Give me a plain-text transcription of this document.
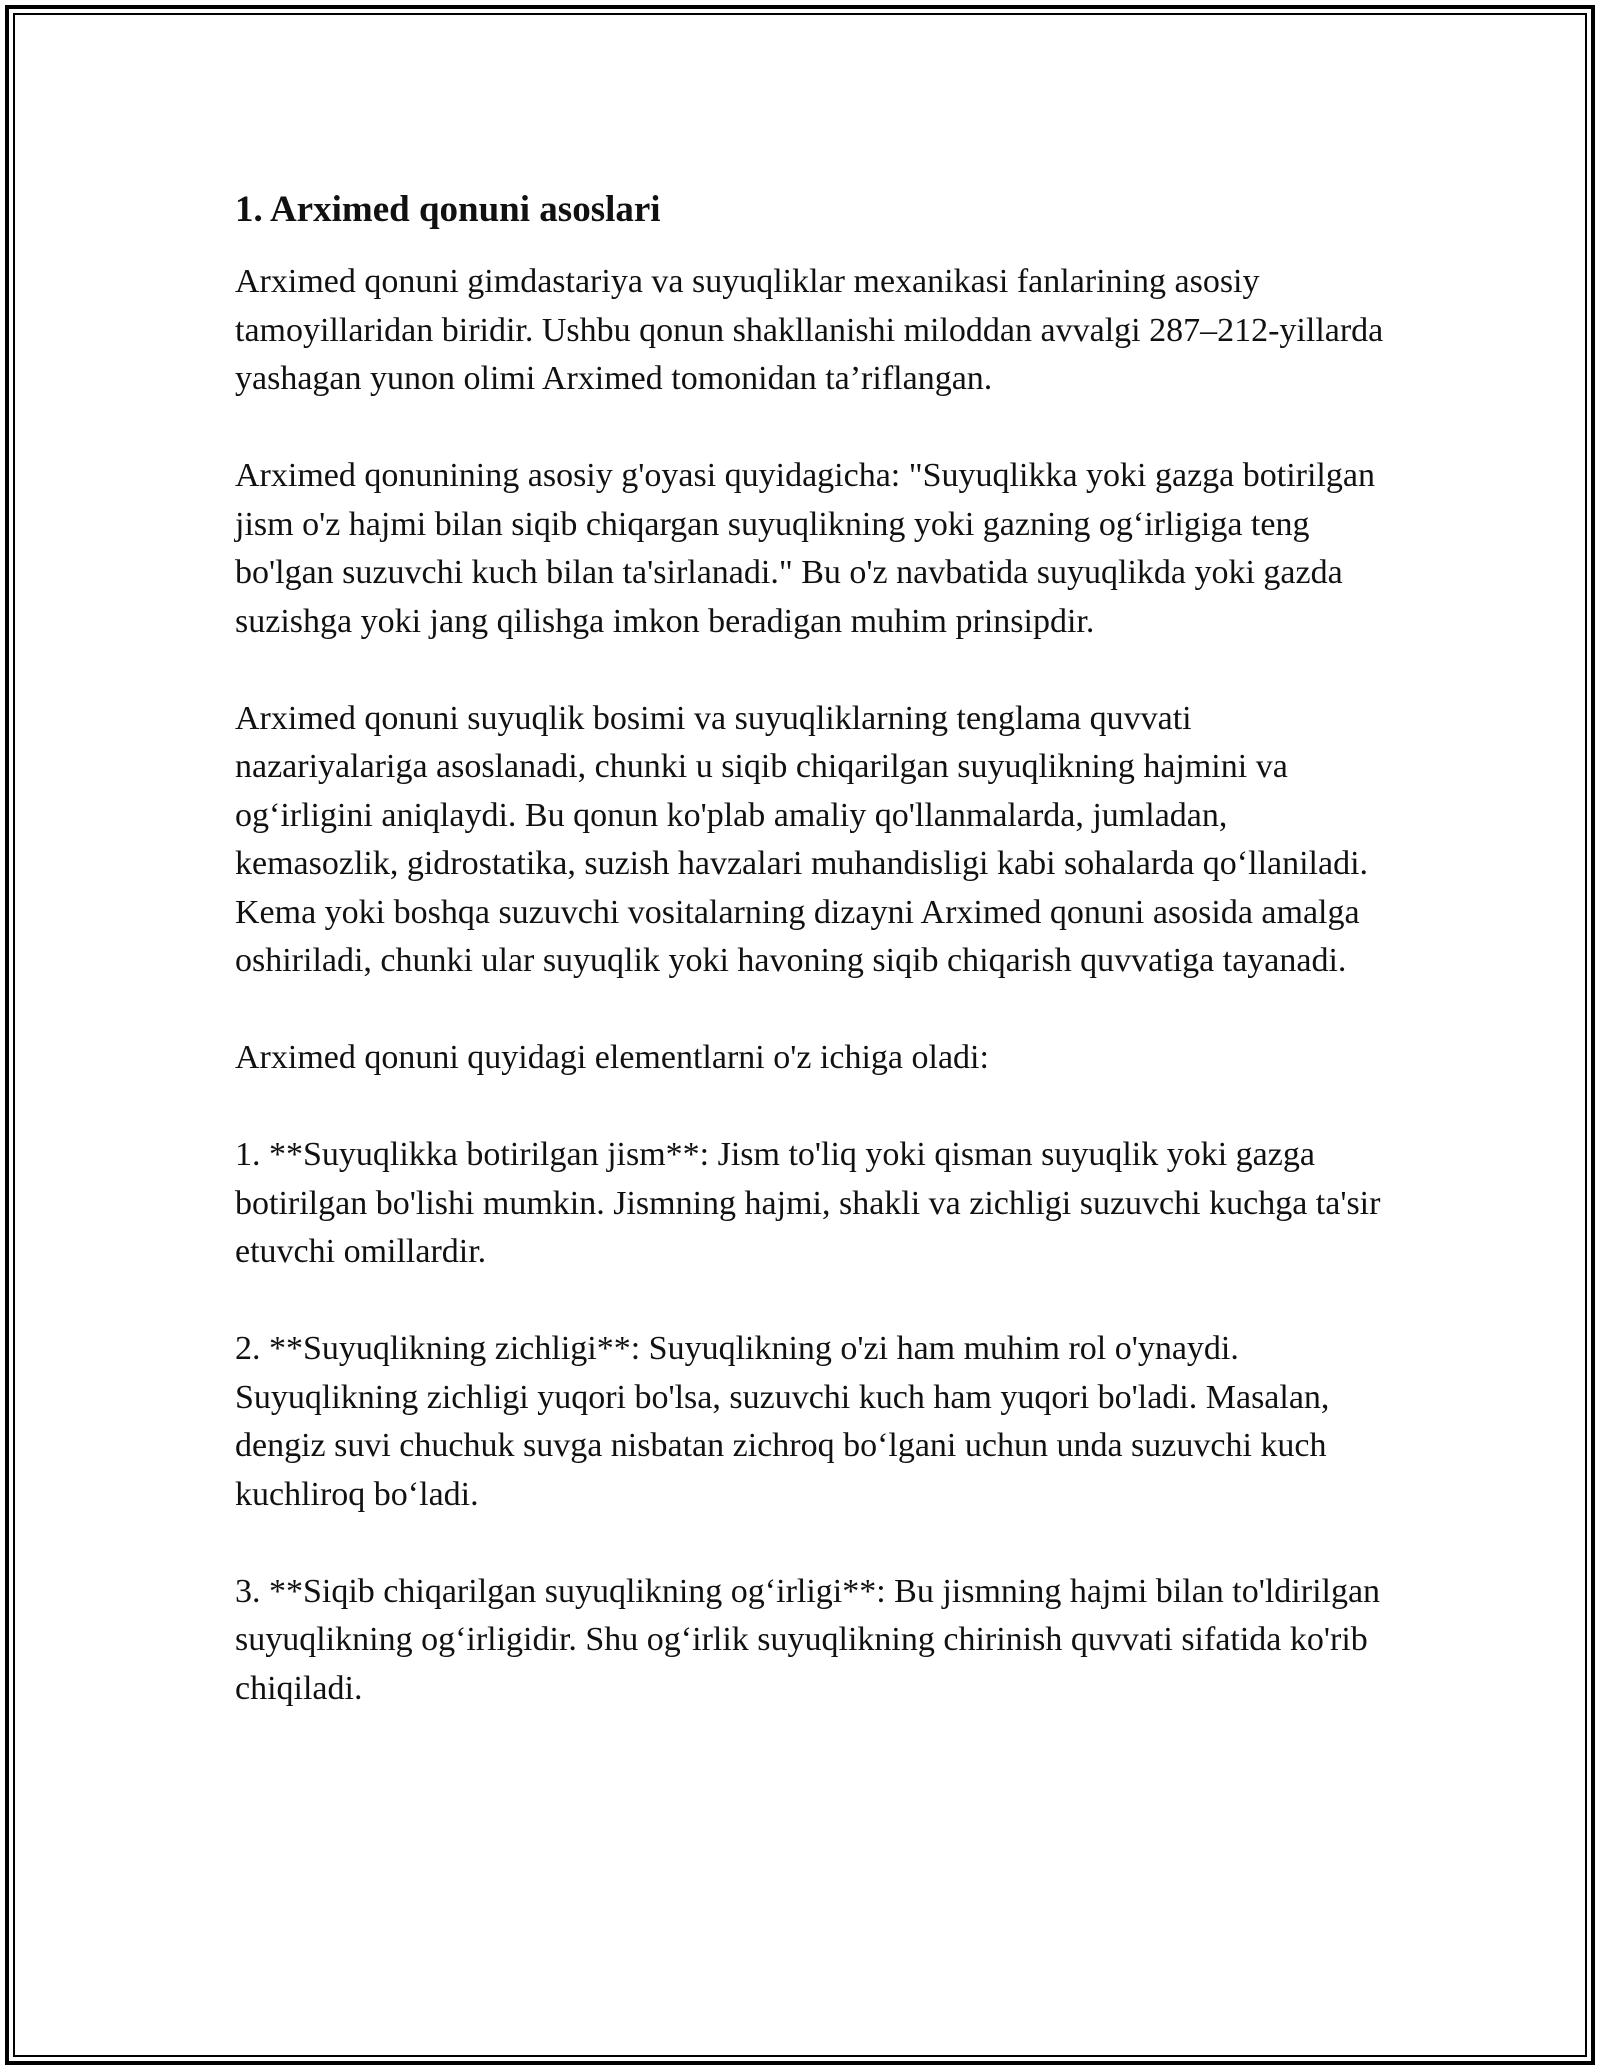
1. Arximed qonuni asoslari

Arximed qonuni gimdastariya va suyuqliklar mexanikasi fanlarining asosiy tamoyillaridan biridir. Ushbu qonun shakllanishi miloddan avvalgi 287–212-yillarda yashagan yunon olimi Arximed tomonidan ta’riflangan.

Arximed qonunining asosiy g'oyasi quyidagicha: "Suyuqlikka yoki gazga botirilgan jism o'z hajmi bilan siqib chiqargan suyuqlikning yoki gazning og‘irligiga teng bo'lgan suzuvchi kuch bilan ta'sirlanadi." Bu o'z navbatida suyuqlikda yoki gazda suzishga yoki jang qilishga imkon beradigan muhim prinsipdir.

Arximed qonuni suyuqlik bosimi va suyuqliklarning tenglama quvvati nazariyalariga asoslanadi, chunki u siqib chiqarilgan suyuqlikning hajmini va og‘irligini aniqlaydi. Bu qonun ko'plab amaliy qo'llanmalarda, jumladan, kemasozlik, gidrostatika, suzish havzalari muhandisligi kabi sohalarda qo‘llaniladi. Kema yoki boshqa suzuvchi vositalarning dizayni Arximed qonuni asosida amalga oshiriladi, chunki ular suyuqlik yoki havoning siqib chiqarish quvvatiga tayanadi.

Arximed qonuni quyidagi elementlarni o'z ichiga oladi:

1. **Suyuqlikka botirilgan jism**: Jism to'liq yoki qisman suyuqlik yoki gazga botirilgan bo'lishi mumkin. Jismning hajmi, shakli va zichligi suzuvchi kuchga ta'sir etuvchi omillardir.

2. **Suyuqlikning zichligi**: Suyuqlikning o'zi ham muhim rol o'ynaydi. Suyuqlikning zichligi yuqori bo'lsa, suzuvchi kuch ham yuqori bo'ladi. Masalan, dengiz suvi chuchuk suvga nisbatan zichroq bo‘lgani uchun unda suzuvchi kuch kuchliroq bo‘ladi.

3. **Siqib chiqarilgan suyuqlikning og‘irligi**: Bu jismning hajmi bilan to'ldirilgan suyuqlikning og‘irligidir. Shu og‘irlik suyuqlikning chirinish quvvati sifatida ko'rib chiqiladi.
